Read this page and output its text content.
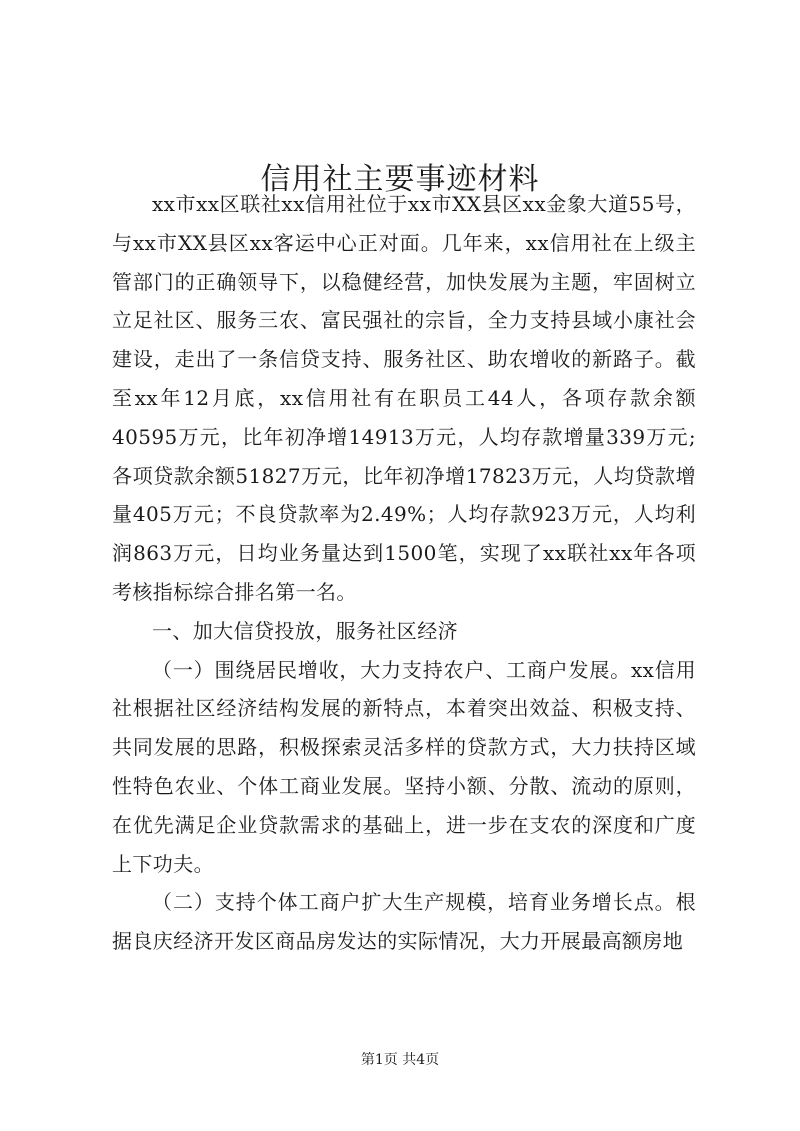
信用社主要事迹材料

xx市xx区联社xx信用社位于xx市XX县区xx金象大道55号，与xx市XX县区xx客运中心正对面。几年来，xx信用社在上级主管部门的正确领导下，以稳健经营，加快发展为主题，牢固树立立足社区、服务三农、富民强社的宗旨，全力支持县域小康社会建设，走出了一条信贷支持、服务社区、助农增收的新路子。截至xx年12月底，xx信用社有在职员工44人，各项存款余额40595万元，比年初净增14913万元，人均存款增量339万元; 各项贷款余额51827万元，比年初净增17823万元，人均贷款增量405万元；不良贷款率为2.49%；人均存款923万元，人均利润863万元，日均业务量达到1500笔，实现了xx联社xx年各项考核指标综合排名第一名。

一、加大信贷投放，服务社区经济

（一）围绕居民增收，大力支持农户、工商户发展。xx信用社根据社区经济结构发展的新特点，本着突出效益、积极支持、共同发展的思路，积极探索灵活多样的贷款方式，大力扶持区域性特色农业、个体工商业发展。坚持小额、分散、流动的原则，在优先满足企业贷款需求的基础上，进一步在支农的深度和广度上下功夫。

（二）支持个体工商户扩大生产规模，培育业务增长点。根据良庆经济开发区商品房发达的实际情况，大力开展最高额房地

第1页 共4页
